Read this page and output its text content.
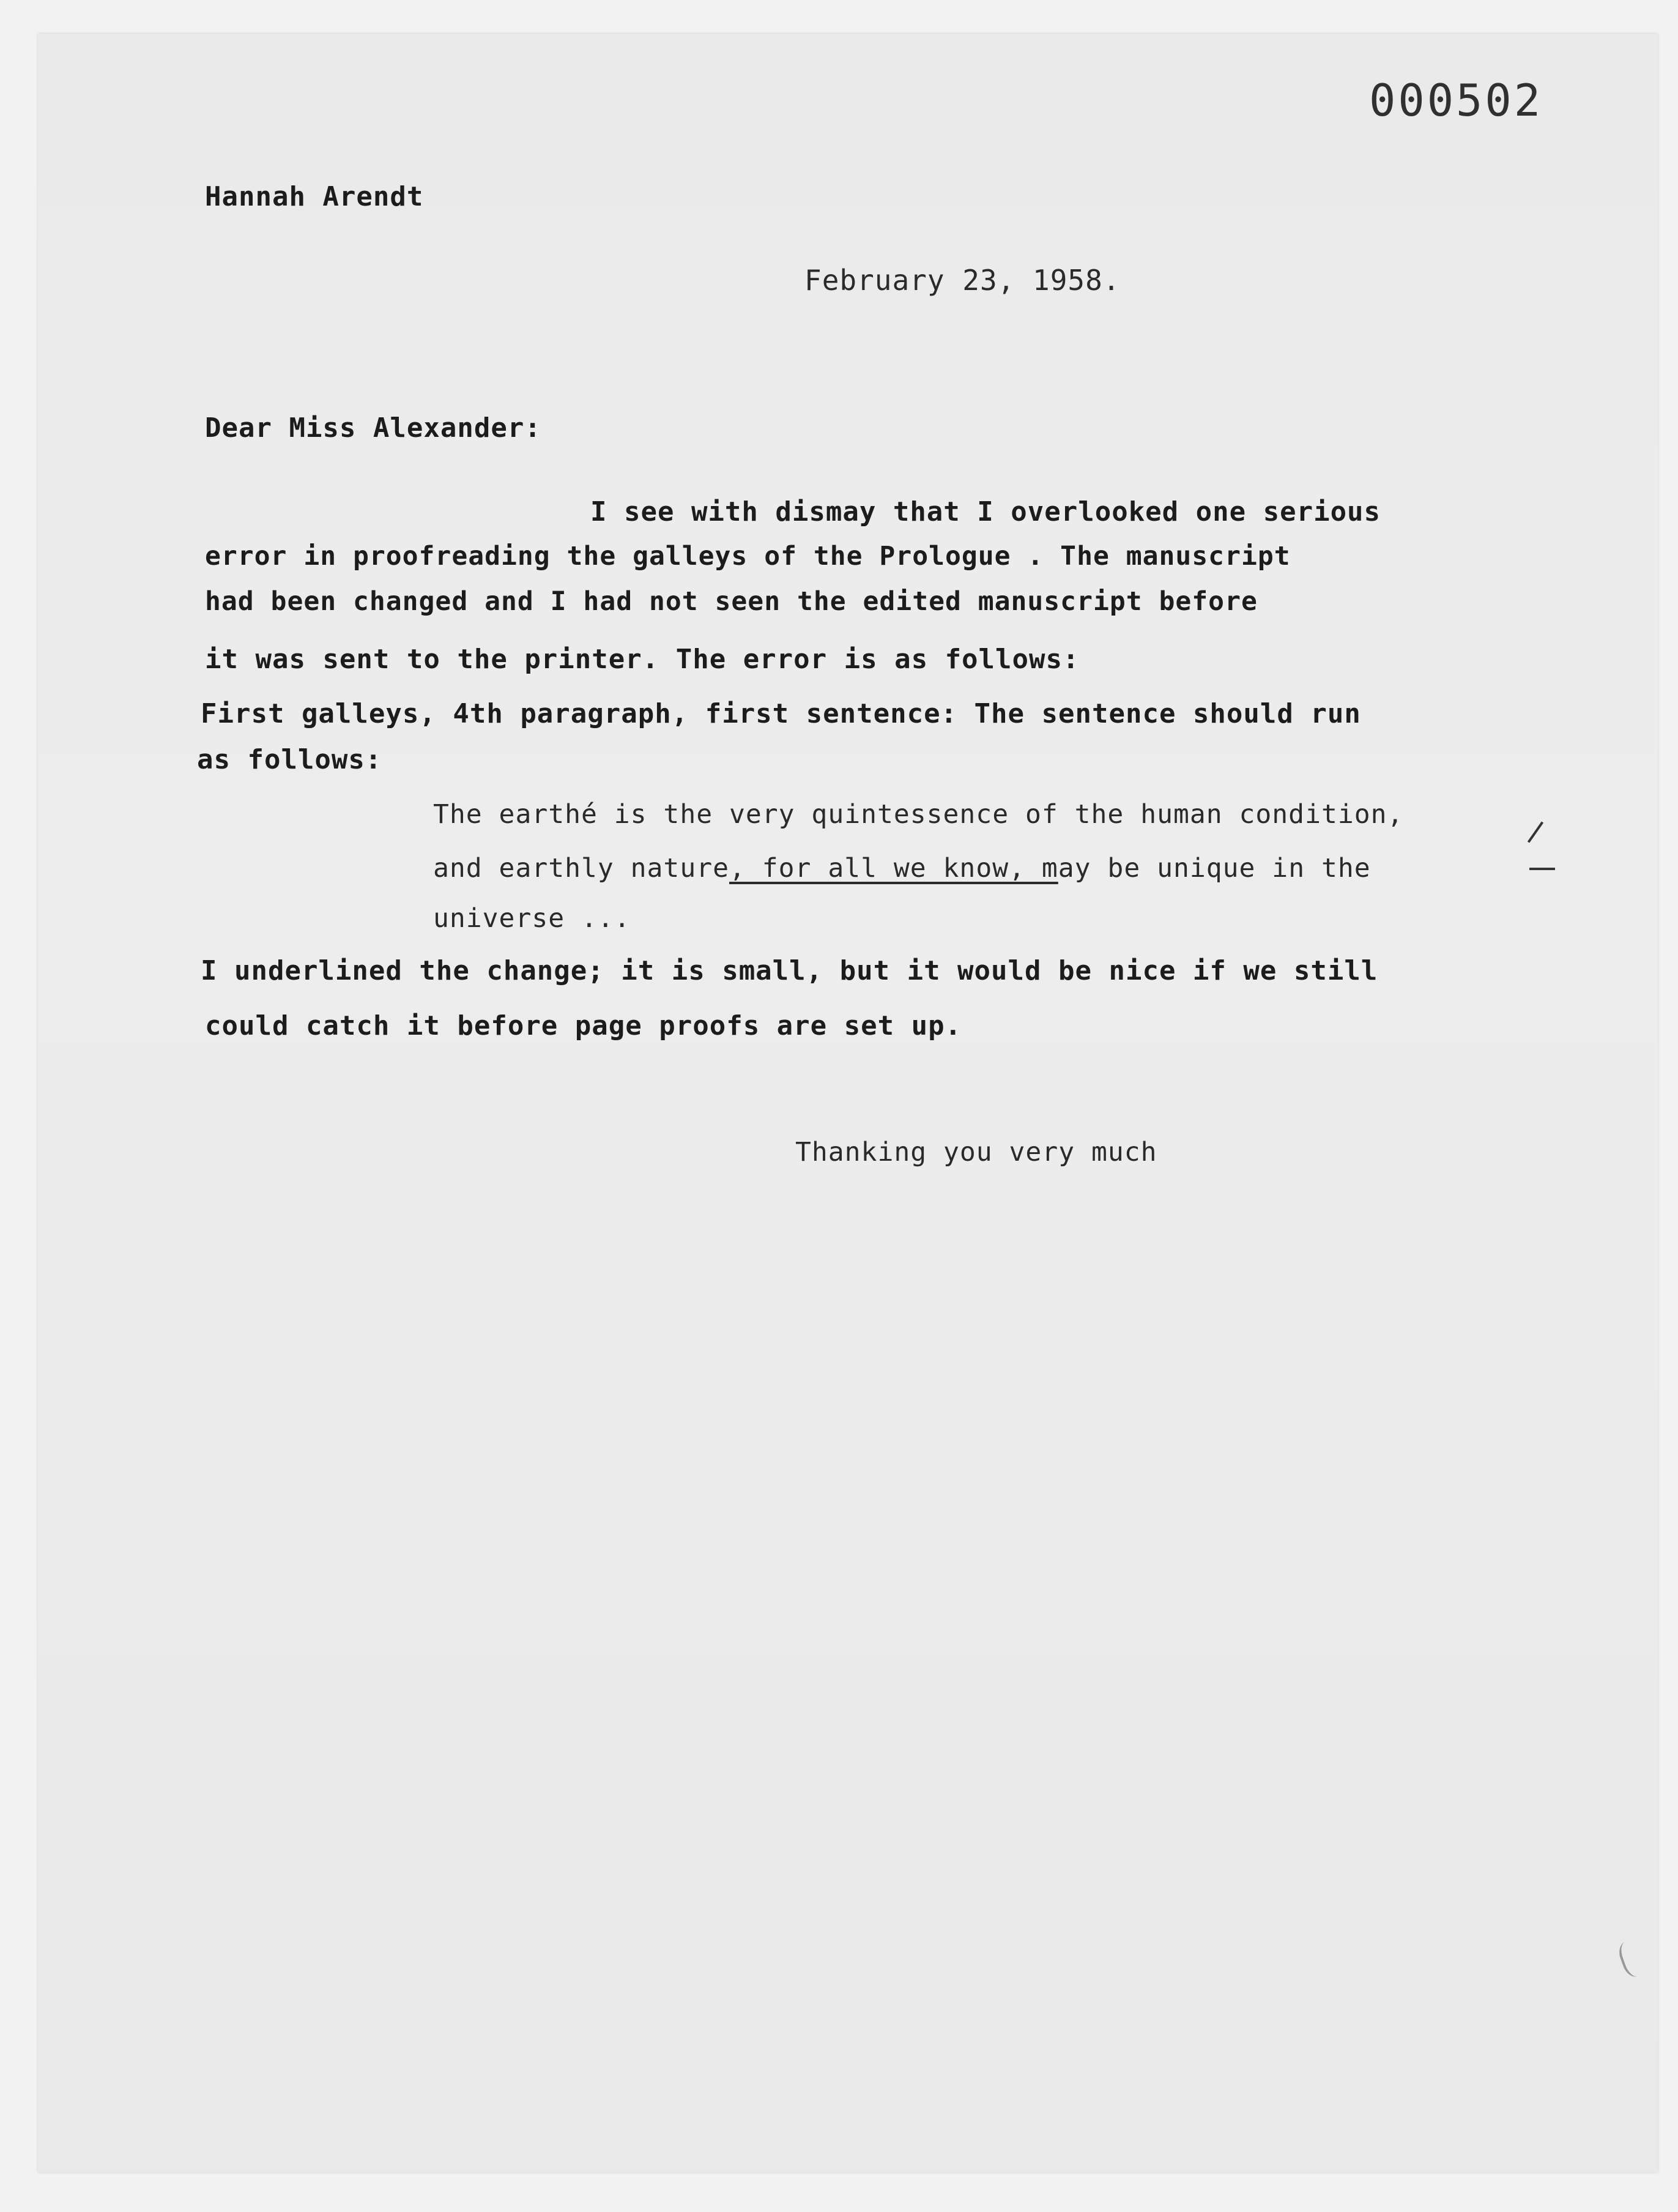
000502
Hannah Arendt
February 23, 1958.
Dear Miss Alexander:
I see with dismay that I overlooked one serious
error in proofreading the galleys of the Prologue . The manuscript
had been changed and I had not seen the edited manuscript before
it was sent to the printer. The error is as follows:
First galleys, 4th paragraph, first sentence: The sentence should run
as follows:
The earthé is the very quintessence of the human condition,
and earthly nature, for all we know, may be unique in the
universe ...
I underlined the change; it is small, but it would be nice if we still
could catch it before page proofs are set up.
Thanking you very much
